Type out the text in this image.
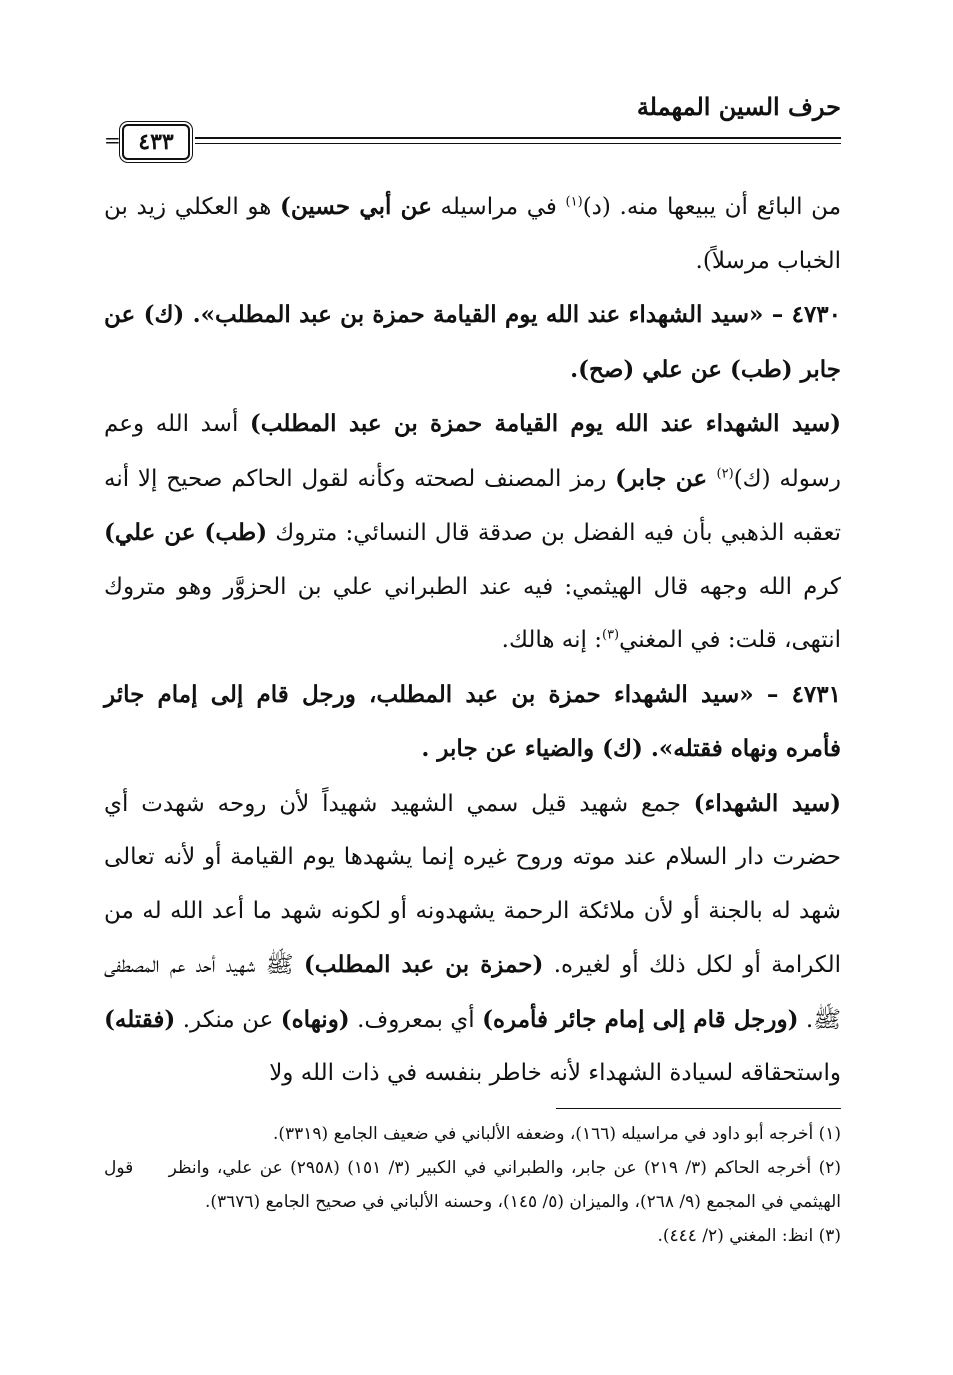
حرف السين المهملة
٤٣٣
=

من البائع أن يبيعها منه. (د)$^{(١)}$ في مراسيله عن أبي حسين) هو العكلي زيد بن الخباب مرسلاً).

٤٧٣٠ – «سيد الشهداء عند الله يوم القيامة حمزة بن عبد المطلب». (ك) عن جابر (طب) عن علي (صح).

(سيد الشهداء عند الله يوم القيامة حمزة بن عبد المطلب) أسد الله وعم رسوله (ك)$^{(٢)}$ عن جابر) رمز المصنف لصحته وكأنه لقول الحاكم صحيح إلا أنه تعقبه الذهبي بأن فيه الفضل بن صدقة قال النسائي: متروك (طب) عن علي) كرم الله وجهه قال الهيثمي: فيه عند الطبراني علي بن الحزوَّر وهو متروك انتهى، قلت: في المغني$^{(٣)}$: إنه هالك.

٤٧٣١ – «سيد الشهداء حمزة بن عبد المطلب، ورجل قام إلى إمام جائر فأمره ونهاه فقتله». (ك) والضياء عن جابر .

(سيد الشهداء) جمع شهيد قيل سمي الشهيد شهيداً لأن روحه شهدت أي حضرت دار السلام عند موته وروح غيره إنما يشهدها يوم القيامة أو لأنه تعالى شهد له بالجنة أو لأن ملائكة الرحمة يشهدونه أو لكونه شهد ما أعد الله له من الكرامة أو لكل ذلك أو لغيره. (حمزة بن عبد المطلب) ﷺ شهيد أحد عم المصطفى ﷺ. (ورجل قام إلى إمام جائر فأمره) أي بمعروف. (ونهاه) عن منكر. (فقتله) واستحقاقه لسيادة الشهداء لأنه خاطر بنفسه في ذات الله ولا

(١) أخرجه أبو داود في مراسيله (١٦٦)، وضعفه الألباني في ضعيف الجامع (٣٣١٩).

(٢) أخرجه الحاكم (٣/ ٢١٩) عن جابر، والطبراني في الكبير (٣/ ١٥١) (٢٩٥٨) عن علي، وانظر قول الهيثمي في المجمع (٩/ ٢٦٨)، والميزان (٥/ ١٤٥)، وحسنه الألباني في صحيح الجامع (٣٦٧٦).

(٣) انظ: المغني (٢/ ٤٤٤).
